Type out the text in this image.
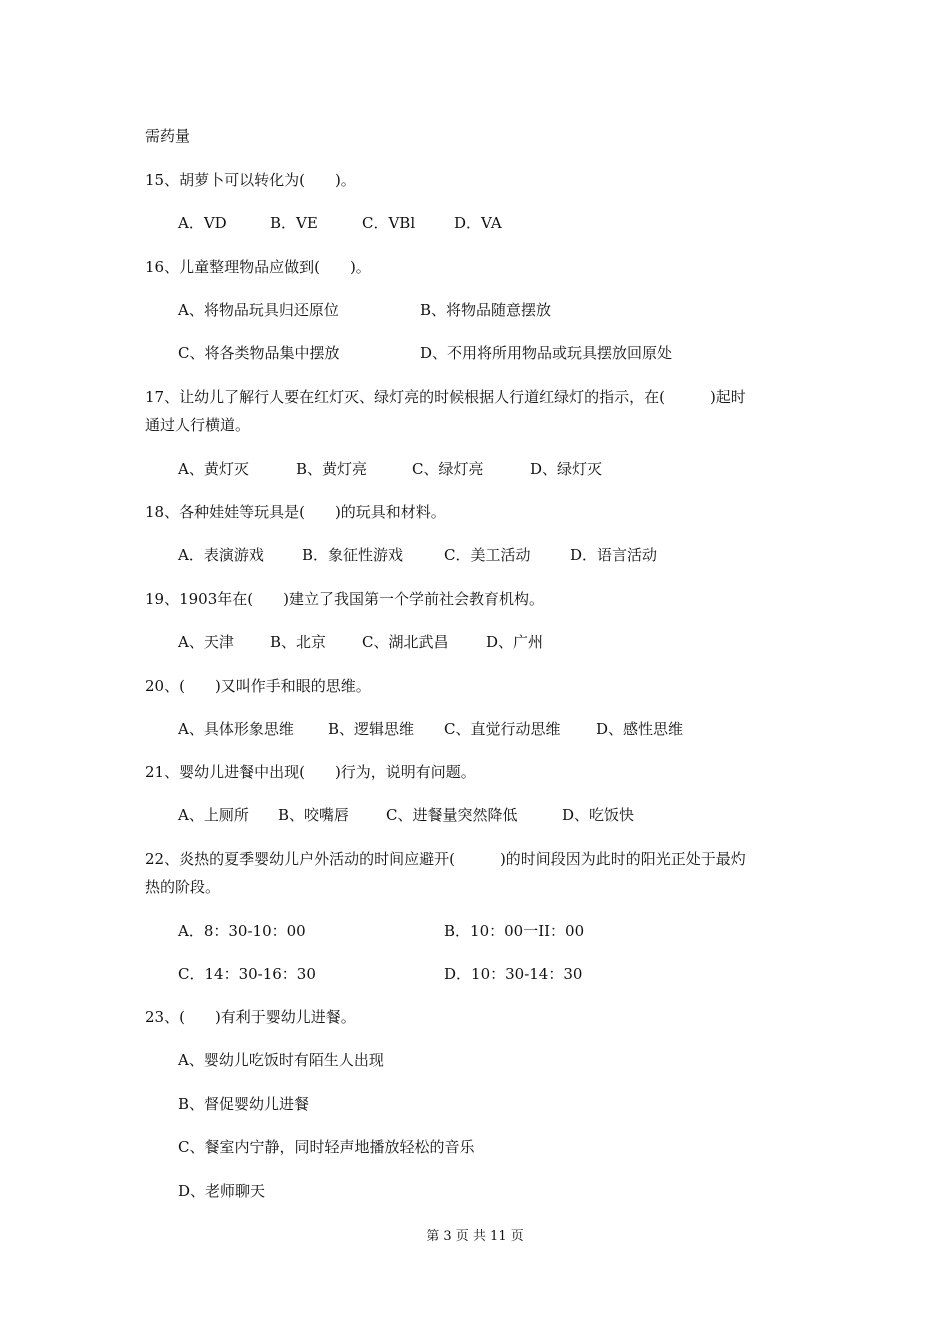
需药量
15、胡萝卜可以转化为(　　)。
A．VD	B．VE	C．VBl	D．VA
16、儿童整理物品应做到(　　)。
A、将物品玩具归还原位	B、将物品随意摆放
C、将各类物品集中摆放	D、不用将所用物品或玩具摆放回原处
17、让幼儿了解行人要在红灯灭、绿灯亮的时候根据人行道红绿灯的指示，在(　　　)起时
通过人行横道。
A、黄灯灭	B、黄灯亮	C、绿灯亮	D、绿灯灭
18、各种娃娃等玩具是(　　)的玩具和材料。
A．表演游戏	B．象征性游戏	C．美工活动	D．语言活动
19、1903年在(　　)建立了我国第一个学前社会教育机构。
A、天津 B、北京 C、湖北武昌	D、广州
20、(　　)又叫作手和眼的思维。
A、具体形象思维 B、逻辑思维 C、直觉行动思维 D、感性思维
21、婴幼儿进餐中出现(　　)行为，说明有问题。
A、上厕所 B、咬嘴唇 C、进餐量突然降低	D、吃饭快
22、炎热的夏季婴幼儿户外活动的时间应避开(　　　)的时间段因为此时的阳光正处于最灼
热的阶段。
A．8：30-10：00	B．10：00一II：00
C．14：30-16：30	D．10：30-14：30
23、(　　)有利于婴幼儿进餐。
A、婴幼儿吃饭时有陌生人出现
B、督促婴幼儿进餐
C、餐室内宁静，同时轻声地播放轻松的音乐
D、老师聊天
第 3 页 共 11 页
